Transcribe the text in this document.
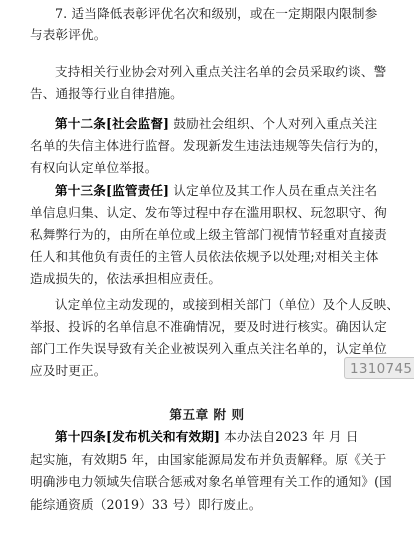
7. 适当降低表彰评优名次和级别，或在一定期限内限制参
与表彰评优。
支持相关行业协会对列入重点关注名单的会员采取约谈、警
告、通报等行业自律措施。
第十二条[社会监督] 鼓励社会组织、个人对列入重点关注
名单的失信主体进行监督。发现新发生违法违规等失信行为的，
有权向认定单位举报。
第十三条[监管责任] 认定单位及其工作人员在重点关注名
单信息归集、认定、发布等过程中存在滥用职权、玩忽职守、徇
私舞弊行为的，由所在单位或上级主管部门视情节轻重对直接责
任人和其他负有责任的主管人员依法依规予以处理;对相关主体
造成损失的，依法承担相应责任。
认定单位主动发现的，或接到相关部门（单位）及个人反映、
举报、投诉的名单信息不准确情况，要及时进行核实。确因认定
部门工作失误导致有关企业被误列入重点关注名单的，认定单位
应及时更正。
第五章 附 则
第十四条[发布机关和有效期] 本办法自2023 年 月 日
起实施，有效期5 年，由国家能源局发布并负责解释。原《关于
明确涉电力领域失信联合惩戒对象名单管理有关工作的通知》(国
能综通资质（2019）33 号）即行废止。
1310745
